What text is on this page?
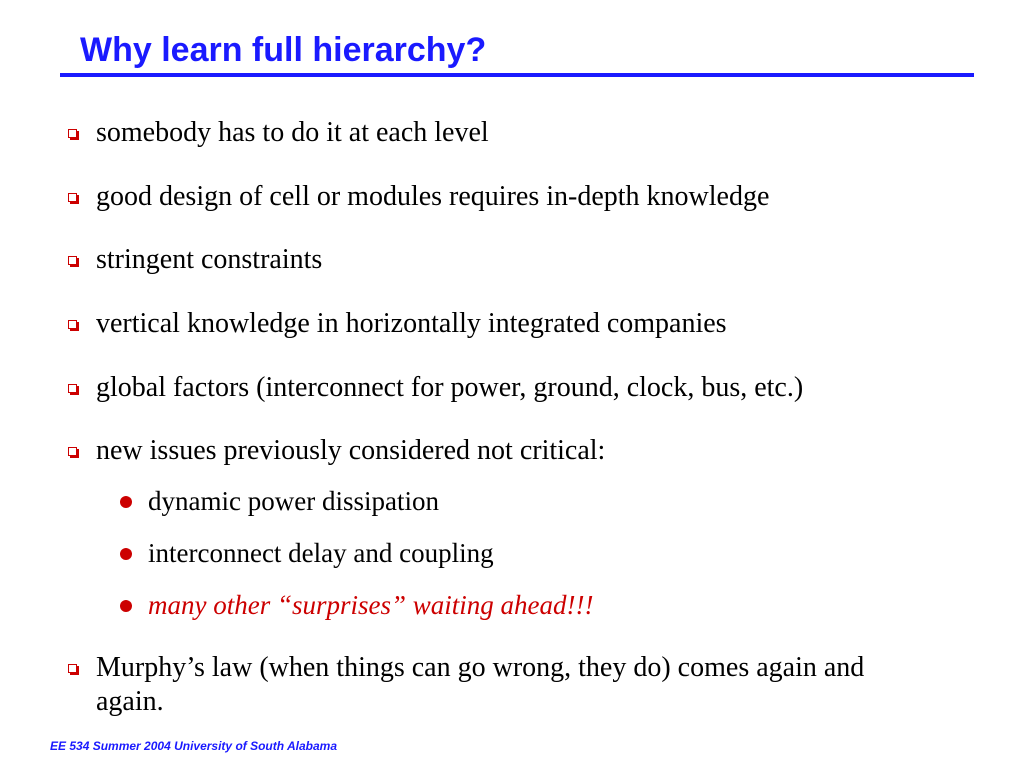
Why learn full hierarchy?
somebody has to do it at each level
good design of cell or modules requires in-depth knowledge
stringent constraints
vertical knowledge in horizontally integrated companies
global factors (interconnect for power, ground, clock, bus, etc.)
new issues previously considered not critical:
dynamic power dissipation
interconnect delay and coupling
many other “surprises” waiting ahead!!!
Murphy’s law (when things can go wrong, they do) comes again and again.
EE 534 Summer 2004 University of South Alabama
